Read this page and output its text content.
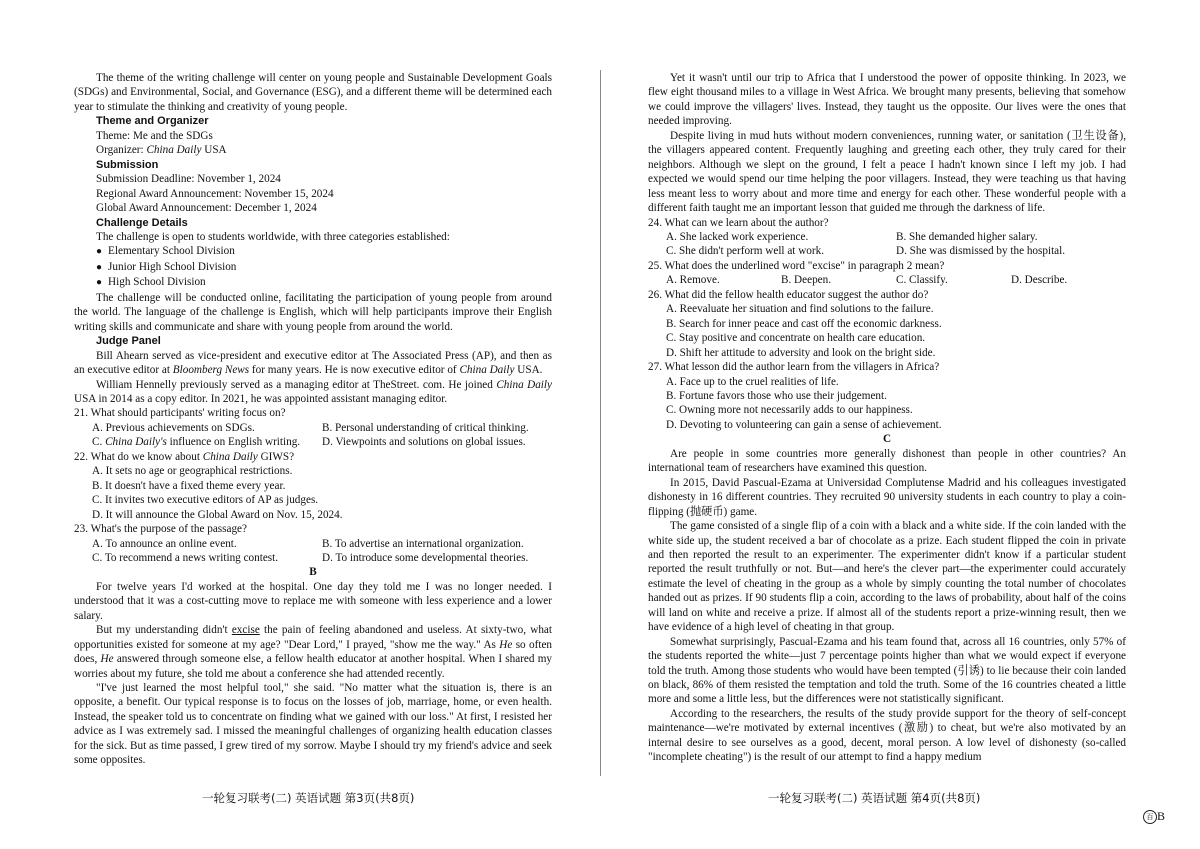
The theme of the writing challenge will center on young people and Sustainable Development Goals (SDGs) and Environmental, Social, and Governance (ESG), and a different theme will be determined each year to stimulate the thinking and creativity of young people.

Theme and Organizer

Theme: Me and the SDGs

Organizer: China Daily USA

Submission

Submission Deadline: November 1, 2024

Regional Award Announcement: November 15, 2024

Global Award Announcement: December 1, 2024

Challenge Details

The challenge is open to students worldwide, with three categories established:

● Elementary School Division

● Junior High School Division

● High School Division

The challenge will be conducted online, facilitating the participation of young people from around the world. The language of the challenge is English, which will help participants improve their English writing skills and communicate and share with young people from around the world.

Judge Panel

Bill Ahearn served as vice-president and executive editor at The Associated Press (AP), and then as an executive editor at Bloomberg News for many years. He is now executive editor of China Daily USA.

William Hennelly previously served as a managing editor at TheStreet. com. He joined China Daily USA in 2014 as a copy editor. In 2021, he was appointed assistant managing editor.

21. What should participants' writing focus on?

A. Previous achievements on SDGs.	B. Personal understanding of critical thinking.
C. China Daily's influence on English writing.	D. Viewpoints and solutions on global issues.

22. What do we know about China Daily GIWS?

A. It sets no age or geographical restrictions.

B. It doesn't have a fixed theme every year.

C. It invites two executive editors of AP as judges.

D. It will announce the Global Award on Nov. 15, 2024.

23. What's the purpose of the passage?

A. To announce an online event.	B. To advertise an international organization.
C. To recommend a news writing contest.	D. To introduce some developmental theories.

B

For twelve years I'd worked at the hospital. One day they told me I was no longer needed. I understood that it was a cost-cutting move to replace me with someone with less experience and a lower salary.

But my understanding didn't excise the pain of feeling abandoned and useless. At sixty-two, what opportunities existed for someone at my age? "Dear Lord," I prayed, "show me the way." As He so often does, He answered through someone else, a fellow health educator at another hospital. When I shared my worries about my future, she told me about a conference she had attended recently.

"I've just learned the most helpful tool," she said. "No matter what the situation is, there is an opposite, a benefit. Our typical response is to focus on the losses of job, marriage, home, or even health. Instead, the speaker told us to concentrate on finding what we gained with our loss." At first, I resisted her advice as I was extremely sad. I missed the meaningful challenges of organizing health education classes for the sick. But as time passed, I grew tired of my sorrow. Maybe I should try my friend's advice and seek some opposites.

Yet it wasn't until our trip to Africa that I understood the power of opposite thinking. In 2023, we flew eight thousand miles to a village in West Africa. We brought many presents, believing that somehow we could improve the villagers' lives. Instead, they taught us the opposite. Our lives were the ones that needed improving.

Despite living in mud huts without modern conveniences, running water, or sanitation (卫生设备), the villagers appeared content. Frequently laughing and greeting each other, they truly cared for their neighbors. Although we slept on the ground, I felt a peace I hadn't known since I left my job. I had expected we would spend our time helping the poor villagers. Instead, they were teaching us that having less meant less to worry about and more time and energy for each other. These wonderful people with a different faith taught me an important lesson that guided me through the darkness of life.

24. What can we learn about the author?

A. She lacked work experience.	B. She demanded higher salary.
C. She didn't perform well at work.	D. She was dismissed by the hospital.

25. What does the underlined word "excise" in paragraph 2 mean?

A. Remove.	B. Deepen.	C. Classify.	D. Describe.

26. What did the fellow health educator suggest the author do?

A. Reevaluate her situation and find solutions to the failure.

B. Search for inner peace and cast off the economic darkness.

C. Stay positive and concentrate on health care education.

D. Shift her attitude to adversity and look on the bright side.

27. What lesson did the author learn from the villagers in Africa?

A. Face up to the cruel realities of life.

B. Fortune favors those who use their judgement.

C. Owning more not necessarily adds to our happiness.

D. Devoting to volunteering can gain a sense of achievement.

C

Are people in some countries more generally dishonest than people in other countries? An international team of researchers have examined this question.

In 2015, David Pascual-Ezama at Universidad Complutense Madrid and his colleagues investigated dishonesty in 16 different countries. They recruited 90 university students in each country to play a coin-flipping (抛硬币) game.

The game consisted of a single flip of a coin with a black and a white side. If the coin landed with the white side up, the student received a bar of chocolate as a prize. Each student flipped the coin in private and then reported the result to an experimenter. The experimenter didn't know if a particular student reported the result truthfully or not. But—and here's the clever part—the experimenter could accurately estimate the level of cheating in the group as a whole by simply counting the total number of chocolates handed out as prizes. If 90 students flip a coin, according to the laws of probability, about half of the coins will land on white and receive a prize. If almost all of the students report a prize-winning result, then we have evidence of a high level of cheating in that group.

Somewhat surprisingly, Pascual-Ezama and his team found that, across all 16 countries, only 57% of the students reported the white—just 7 percentage points higher than what we would expect if everyone told the truth. Among those students who would have been tempted (引诱) to lie because their coin landed on black, 86% of them resisted the temptation and told the truth. Some of the 16 countries cheated a little more and some a little less, but the differences were not statistically significant.

According to the researchers, the results of the study provide support for the theory of self-concept maintenance—we're motivated by external incentives (激励) to cheat, but we're also motivated by an internal desire to see ourselves as a good, decent, moral person. A low level of dishonesty (so-called "incomplete cheating") is the result of our attempt to find a happy medium

一轮复习联考(二) 英语试题 第3页(共8页)	一轮复习联考(二) 英语试题 第4页(共8页)
百 B
